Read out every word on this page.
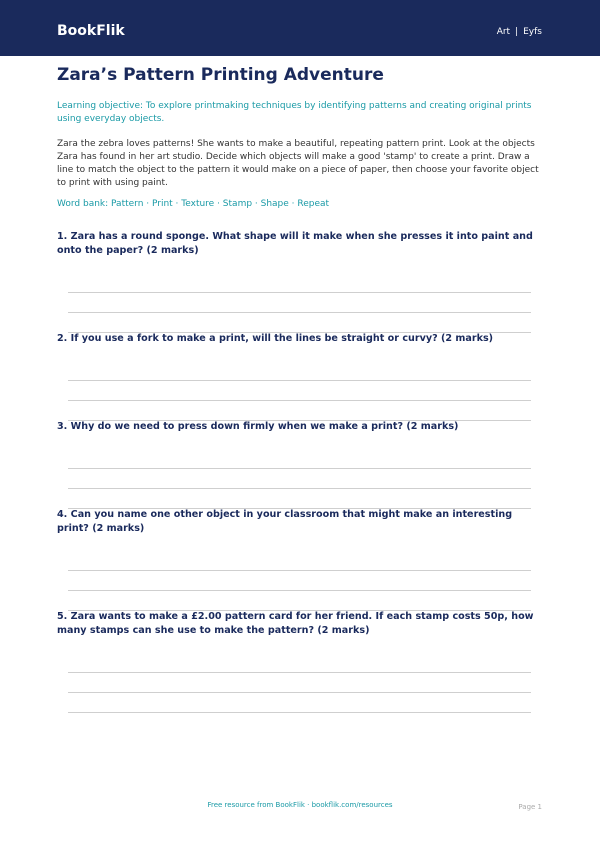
BookFlik	Art | Eyfs
Zara’s Pattern Printing Adventure

Learning objective: To explore printmaking techniques by identifying patterns and creating original prints using everyday objects.

Zara the zebra loves patterns! She wants to make a beautiful, repeating pattern print. Look at the objects Zara has found in her art studio. Decide which objects will make a good 'stamp' to create a print. Draw a line to match the object to the pattern it would make on a piece of paper, then choose your favorite object to print with using paint.

Word bank: Pattern · Print · Texture · Stamp · Shape · Repeat

1. Zara has a round sponge. What shape will it make when she presses it into paint and onto the paper? (2 marks)

2. If you use a fork to make a print, will the lines be straight or curvy? (2 marks)

3. Why do we need to press down firmly when we make a print? (2 marks)

4. Can you name one other object in your classroom that might make an interesting print? (2 marks)

5. Zara wants to make a £2.00 pattern card for her friend. If each stamp costs 50p, how many stamps can she use to make the pattern? (2 marks)

Free resource from BookFlik · bookflik.com/resources	Page 1
